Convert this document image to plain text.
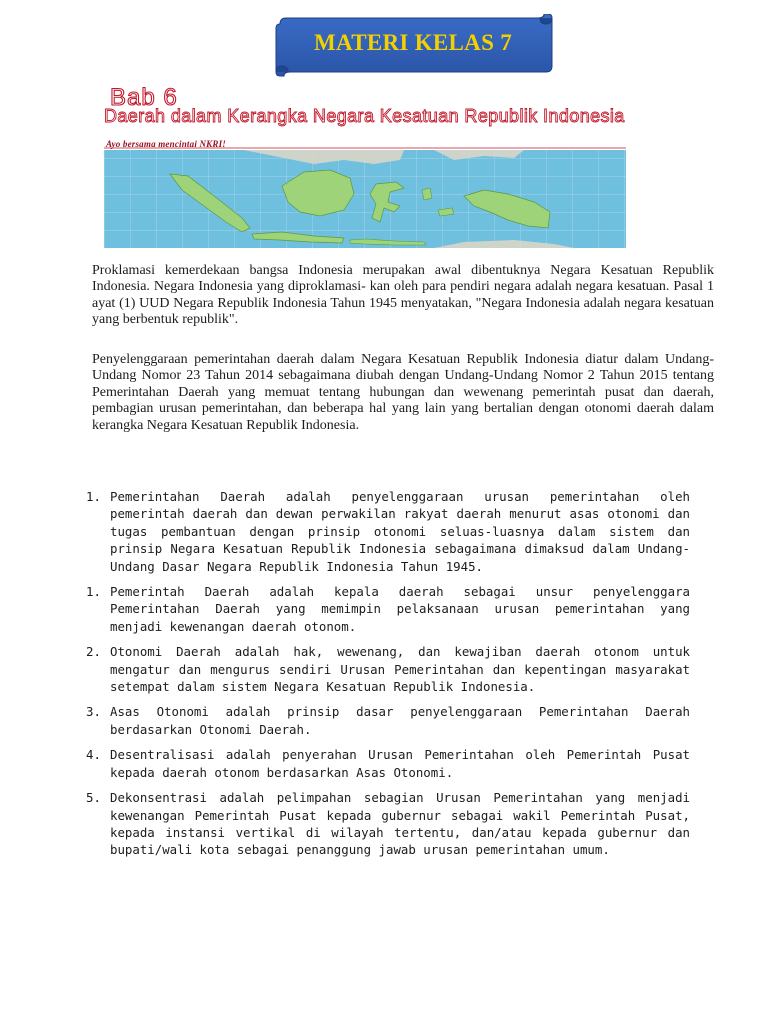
MATERI KELAS 7
Bab 6
Daerah dalam Kerangka Negara Kesatuan Republik Indonesia
Ayo bersama mencintai NKRI!

Proklamasi kemerdekaan bangsa Indonesia merupakan awal dibentuknya Negara Kesatuan Republik Indonesia. Negara Indonesia yang diproklamasi- kan oleh para pendiri negara adalah negara kesatuan. Pasal 1 ayat (1) UUD Negara Republik Indonesia Tahun 1945 menyatakan, "Negara Indonesia adalah negara kesatuan yang berbentuk republik".

Penyelenggaraan pemerintahan daerah dalam Negara Kesatuan Republik Indonesia diatur dalam Undang-Undang Nomor 23 Tahun 2014 sebagaimana diubah dengan Undang-Undang Nomor 2 Tahun 2015 tentang Pemerintahan Daerah yang memuat tentang hubungan dan wewenang pemerintah pusat dan daerah, pembagian urusan pemerintahan, dan beberapa hal yang lain yang bertalian dengan otonomi daerah dalam kerangka Negara Kesatuan Republik Indonesia.

1. Pemerintahan Daerah adalah penyelenggaraan urusan pemerintahan oleh pemerintah daerah dan dewan perwakilan rakyat daerah menurut asas otonomi dan tugas pembantuan dengan prinsip otonomi seluas-luasnya dalam sistem dan prinsip Negara Kesatuan Republik Indonesia sebagaimana dimaksud dalam Undang-Undang Dasar Negara Republik Indonesia Tahun 1945.
1. Pemerintah Daerah adalah kepala daerah sebagai unsur penyelenggara Pemerintahan Daerah yang memimpin pelaksanaan urusan pemerintahan yang menjadi kewenangan daerah otonom.
2. Otonomi Daerah adalah hak, wewenang, dan kewajiban daerah otonom untuk mengatur dan mengurus sendiri Urusan Pemerintahan dan kepentingan masyarakat setempat dalam sistem Negara Kesatuan Republik Indonesia.
3. Asas Otonomi adalah prinsip dasar penyelenggaraan Pemerintahan Daerah berdasarkan Otonomi Daerah.
4. Desentralisasi adalah penyerahan Urusan Pemerintahan oleh Pemerintah Pusat kepada daerah otonom berdasarkan Asas Otonomi.
5. Dekonsentrasi adalah pelimpahan sebagian Urusan Pemerintahan yang menjadi kewenangan Pemerintah Pusat kepada gubernur sebagai wakil Pemerintah Pusat, kepada instansi vertikal di wilayah tertentu, dan/atau kepada gubernur dan bupati/wali kota sebagai penanggung jawab urusan pemerintahan umum.
